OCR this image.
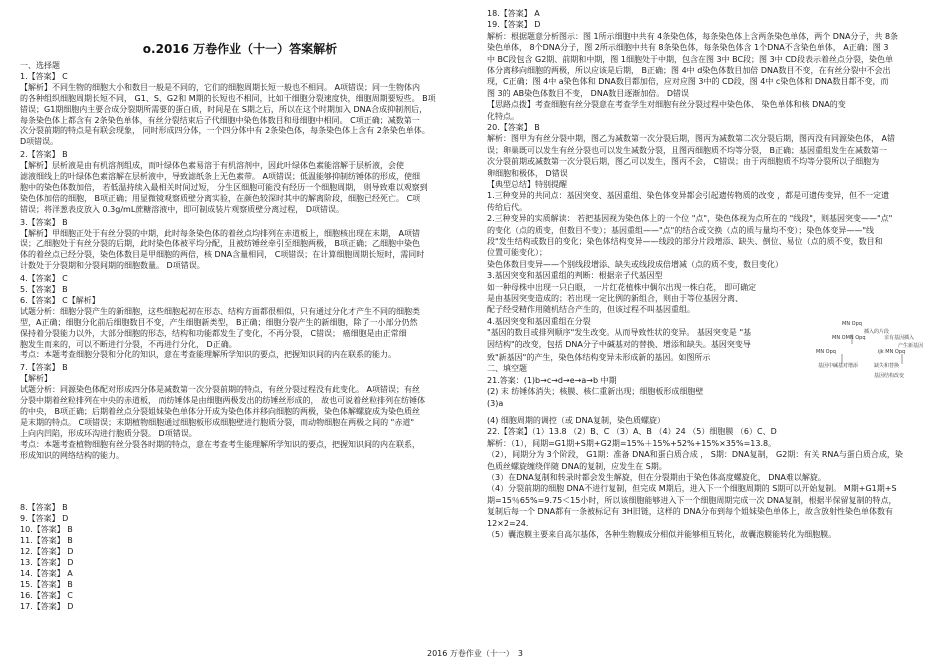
o.2016 万卷作业（十一）答案解析
一、选择题
1.【答案】 C
【解析】不同生物的细胞大小和数目一般是不同的，它们的细胞周期长短一般也不相同。 A项错误；同一生物体内
的各种组织细胞周期长短不同， G1、S、G2和 M期的长短也不相同，比如干细胞分裂速度快，细胞周期要短些。 B项
错误；G1期细胞内主要合成分裂期所需要的蛋白质，时间是在 S期之后，所以在这个时期加入 DNA合成抑制剂后，
每条染色体上都含有 2条染色单体，有丝分裂结束后子代细胞中染色体数目和母细胞中相同。 C项正确；减数第一
次分裂前期的特点是有联会现象， 同时形成四分体，一个四分体中有 2条染色体，每条染色体上含有 2条染色单体。
D项错误。
2.【答案】 B
【解析】层析液是由有机溶剂组成，而叶绿体色素易溶于有机溶剂中，因此叶绿体色素能溶解于层析液，会使
滤液细线上的叶绿体色素溶解在层析液中，导致滤纸条上无色素带。 A项错误；低温能够抑制纺锤体的形成，使细
胞中的染色体数加倍， 若低温持续入最相关时间过短， 分生区细胞可能没有经历一个细胞周期， 则导致难以观察到
染色体加倍的细胞， B项正确；用显微镜观察质壁分离实验，在颜色较深时其中的解离阶段，细胞已经死亡。 C项
错误；将洋葱表皮放入 0.3g/mL蔗糖溶液中，即可制成装片观察质壁分离过程， D项错误。
3.【答案】 B
【解析】甲细胞正处于有丝分裂的中期，此时每条染色体的着丝点均排列在赤道板上，细胞核出现在末期， A项错
误；乙细胞处于有丝分裂的后期，此时染色体被平均分配，且被纺锤丝牵引至细胞两极， B项正确；乙细胞中染色
体的着丝点已经分裂，染色体数目是甲细胞的两倍，核 DNA含量相同， C项错误；在计算细胞周期长短时，需同时
计数处于分裂期和分裂间期的细胞数量。 D项错误。
4.【答案】 C
5.【答案】 B
6.【答案】 C【解析】
试题分析：细胞分裂产生的新细胞，这些细胞起初在形态、结构方面都很相似，只有通过分化才产生不同的细胞类
型，A正确；细胞分化前后细胞数目不变，产生细胞新类型， B正确；细胞分裂产生的新细胞，除了一小部分仍然
保持着分裂能力以外，大部分细胞的形态，结构和功能都发生了变化，不再分裂， C错误； 癌细胞是由正常细
胞发生而来的，可以不断进行分裂，不再进行分化， D正确。
考点：本题考查细胞分裂和分化的知识，意在考查能理解所学知识的要点，把握知识间的内在联系的能力。
7.【答案】 B
【解析】
试题分析：同源染色体配对形成四分体是减数第一次分裂前期的特点，有丝分裂过程没有此变化。 A项错误；有丝
分裂中期着丝粒排列在中央的赤道板， 而纺锤体是由细胞两极发出的纺锤丝形成的， 故也可说着丝粒排列在纺锤体
的中央， B项正确；后期着丝点分裂姐妹染色单体分开成为染色体并移向细胞的两极，染色体解螺旋成为染色质丝
是末期的特点。 C项错误；末期植物细胞通过细胞板形成细胞壁进行胞质分裂，而动物细胞在两极之间的 "赤道"
上向内凹陷，形成环沟进行胞质分裂。 D项错误。
考点：本题考查植物细胞有丝分裂各时期的特点，意在考查考生能理解所学知识的要点，把握知识间的内在联系，
形成知识的网络结构的能力。
8.【答案】 B
9.【答案】 D
10.【答案】 B
11.【答案】 B
12.【答案】 D
13.【答案】 D
14.【答案】 A
15.【答案】 B
16.【答案】 C
17.【答案】 D
18.【答案】 A
19.【答案】 D
解析：根据题意分析图示：图 1所示细胞中共有 4条染色体，每条染色体上含两条染色单体，两个 DNA分子，共 8条
染色单体， 8个DNA分子，图 2所示细胞中共有 8条染色体，每条染色体含 1个DNA不含染色单体， A正确；图 3
中 BC段包含 G2期、前期和中期，图 1细胞处于中期，包含在图 3中 BC段；图 3中 CD段表示着丝点分裂，染色单
体分离移向细胞的两极，所以应该是后期， B正确；图 4中 d染色体数目加倍 DNA数目不变，在有丝分裂中不会出
现，C正确；图 4中 a染色体和 DNA数目都加倍，应对应图 3中的 CD段，图 4中 c染色体和 DNA数目都不变，而
图 3的 AB染色体数目不变， DNA数目逐渐加倍。 D错误
【思路点拨】考查细胞有丝分裂意在考查学生对细胞有丝分裂过程中染色体、 染色单体和核 DNA的变
化特点。
20.【答案】 B
解析：图甲为有丝分裂中期，图乙为减数第一次分裂后期，图丙为减数第二次分裂后期，图丙没有同源染色体， A错
误；卵巢既可以发生有丝分裂也可以发生减数分裂，且图丙细胞质不均等分裂， B正确；基因重组发生在减数第一
次分裂前期或减数第一次分裂后期，图乙可以发生，图丙不会， C错误；由于丙细胞质不均等分裂所以子细胞为
卵细胞和极体， D错误
【典型总结】特别提醒
1.三种变异的共同点：基因突变、基因重组、染色体变异都会引起遗传物质的改变 ，都是可遗传变异，但不一定遗
传给后代。
2.三种变异的实质解读： 若把基因视为染色体上的一个位 "点"，染色体视为点所在的 "线段"，则基因突变——"点"
的变化（点的质变，但数目不变）；基因重组——"点"的结合或交换（点的质与量均不变）；染色体变异——"线
段"发生结构或数目的变化；染色体结构变异——线段的部分片段增添、缺失、倒位、易位（点的质不变，数目和
位置可能变化）；
染色体数目变异——个别线段增添、缺失或线段成倍增减（点的质不变，数目变化）
3.基因突变和基因重组的判断：根据亲子代基因型
如一种母株中出现一只白眼， 一片红花植株中偶尔出现一株白花， 即可确定
是由基因突变造成的；若出现一定比例的新组合，则由于等位基因分离、
配子经受精作用随机结合产生的，但该过程不叫基因重组。
4.基因突变和基因重组在分裂
"基因的数目或排列顺序"发生改变。从而导致性状的变异。 基因突变是 "基
因结构"的改变，包括 DNA分子中碱基对的替换、增添和缺失。基因突变导
致"新基因"的产生，染色体结构变异未形成新的基因。如图所示
二、填空题
21.答案：(1)b→c→d→e→a→b 中期
(2) 末 纺锤体消失；核膜、核仁重新出现；细胞板形成细胞壁
(3)a
(4) 细胞周期的调控（或 DNA复制，染色质螺旋）
22.【答案】（1）13.8 （2）B、C （3）A、B （4）24 （5）细胞膜 （6）C、D
解析：（1），间期=G1期+S期+G2期=15%＋15%+52%+15%×35%=13.8。
（2），间期分为 3个阶段， G1期：准备 DNA和蛋白质合成 ， S期：DNA复制， G2期：有关 RNA与蛋白质合成，染
色质丝螺旋缠绕伴随 DNA的复制，应发生在 S期。
（3）在DNA复制和转录时都会发生解旋，但在分裂期由于染色体高度螺旋化， DNA难以解旋。
（4）分裂前期的细胞 DNA不进行复制，但完成 M期后，进入下一个细胞周期的 S期可以开始复制。 M期+G1期+S
期=15％65%=9.75＜15小时，所以该细胞能够进入下一个细胞周期完成一次 DNA复制，根据半保留复制的特点，
复制后每一个 DNA都有一条被标记有 3H旧链，这样的 DNA分布到每个姐妹染色单体上，故含放射性染色单体数有
12×2=24.
（5）囊泡膜主要来自高尔基体，各种生物膜成分相似并能够相互转化，故囊泡膜能转化为细胞膜。
MN Opq
插入的片段
MN OMN Opq	亲有基因插入
产生新基因
MN Opq	ijk MN Opq
基因中碱基对增添	缺失和替换
基因结构改变
2016 万卷作业（十一）　3
